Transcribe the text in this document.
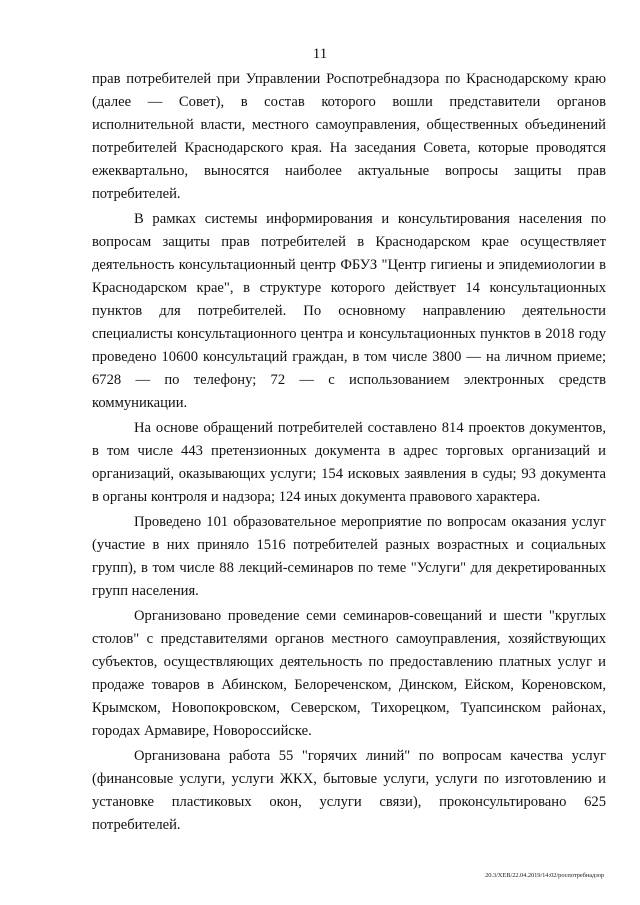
11

прав потребителей при Управлении Роспотребнадзора по Краснодарскому краю (далее — Совет), в состав которого вошли представители органов исполнительной власти, местного самоуправления, общественных объединений потребителей Краснодарского края. На заседания Совета, которые проводятся ежеквартально, выносятся наиболее актуальные вопросы защиты прав потребителей.

В рамках системы информирования и консультирования населения по вопросам защиты прав потребителей в Краснодарском крае осуществляет деятельность консультационный центр ФБУЗ "Центр гигиены и эпидемиологии в Краснодарском крае", в структуре которого действует 14 консультационных пунктов для потребителей. По основному направлению деятельности специалисты консультационного центра и консультационных пунктов в 2018 году проведено 10600 консультаций граждан, в том числе 3800 — на личном приеме; 6728 — по телефону; 72 — с использованием электронных средств коммуникации.

На основе обращений потребителей составлено 814 проектов документов, в том числе 443 претензионных документа в адрес торговых организаций и организаций, оказывающих услуги; 154 исковых заявления в суды; 93 документа в органы контроля и надзора; 124 иных документа правового характера.

Проведено 101 образовательное мероприятие по вопросам оказания услуг (участие в них приняло 1516 потребителей разных возрастных и социальных групп), в том числе 88 лекций-семинаров по теме "Услуги" для декретированных групп населения.

Организовано проведение семи семинаров-совещаний и шести "круглых столов" с представителями органов местного самоуправления, хозяйствующих субъектов, осуществляющих деятельность по предоставлению платных услуг и продаже товаров в Абинском, Белореченском, Динском, Ейском, Кореновском, Крымском, Новопокровском, Северском, Тихорецком, Туапсинском районах, городах Армавире, Новороссийске.

Организована работа 55 "горячих линий" по вопросам качества услуг (финансовые услуги, услуги ЖКХ, бытовые услуги, услуги по изготовлению и установке пластиковых окон, услуги связи), проконсультировано 625 потребителей.

20.3/ХЕВ/22.04.2019/14:02/роспотребнадзор
